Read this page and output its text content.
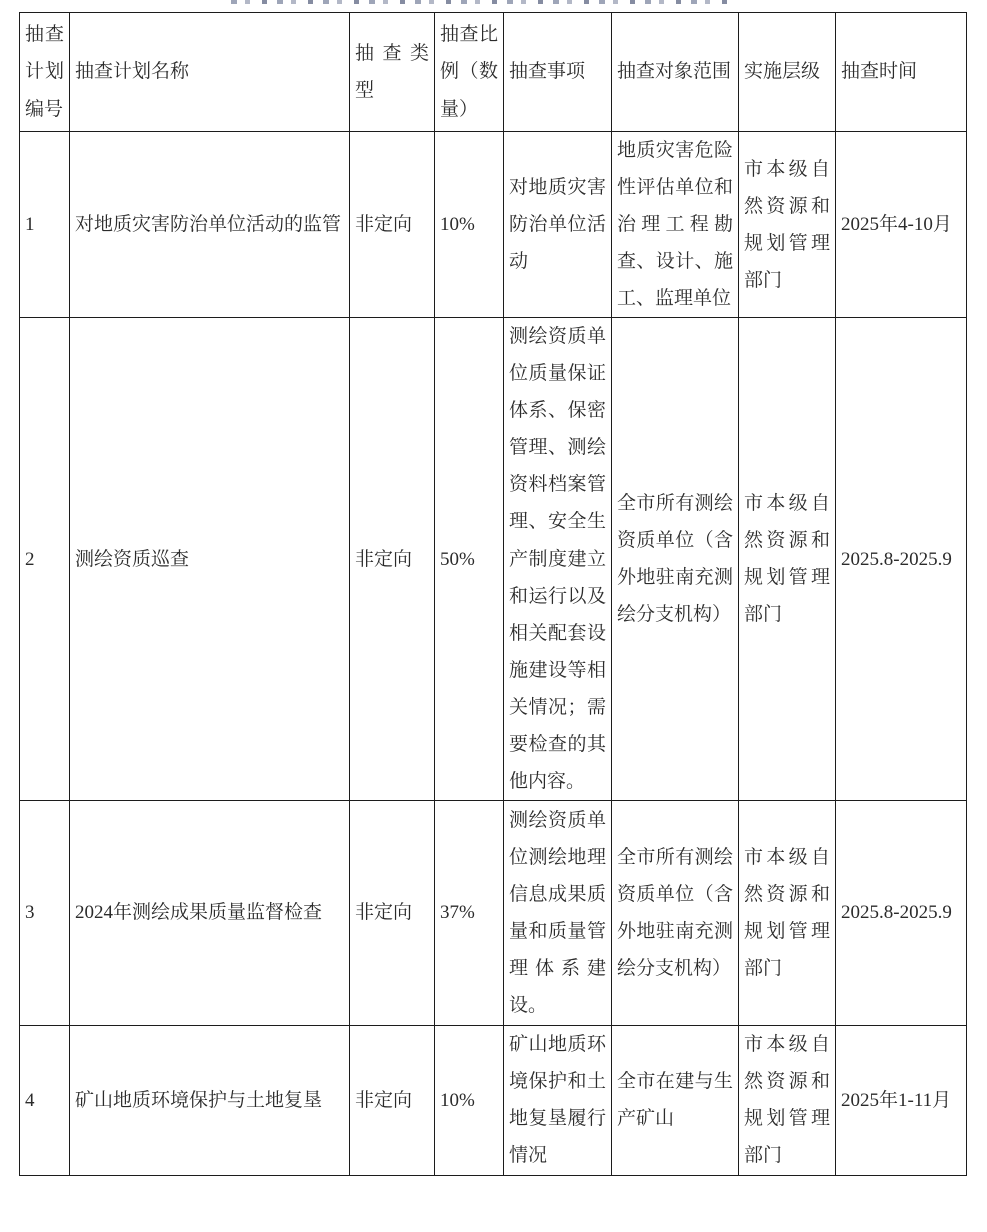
抽查计划编号	抽查计划名称	抽查类型	抽查比例（数量）	抽查事项	抽查对象范围	实施层级	抽查时间
1	对地质灾害防治单位活动的监管	非定向	10%	对地质灾害防治单位活动	地质灾害危险性评估单位和治理工程勘查、设计、施工、监理单位	市本级自然资源和规划管理部门	2025年4-10月
2	测绘资质巡查	非定向	50%	测绘资质单位质量保证体系、保密管理、测绘资料档案管理、安全生产制度建立和运行以及相关配套设施建设等相关情况；需要检查的其他内容。	全市所有测绘资质单位（含外地驻南充测绘分支机构）	市本级自然资源和规划管理部门	2025.8-2025.9
3	2024年测绘成果质量监督检查	非定向	37%	测绘资质单位测绘地理信息成果质量和质量管理体系建设。	全市所有测绘资质单位（含外地驻南充测绘分支机构）	市本级自然资源和规划管理部门	2025.8-2025.9
4	矿山地质环境保护与土地复垦	非定向	10%	矿山地质环境保护和土地复垦履行情况	全市在建与生产矿山	市本级自然资源和规划管理部门	2025年1-11月
